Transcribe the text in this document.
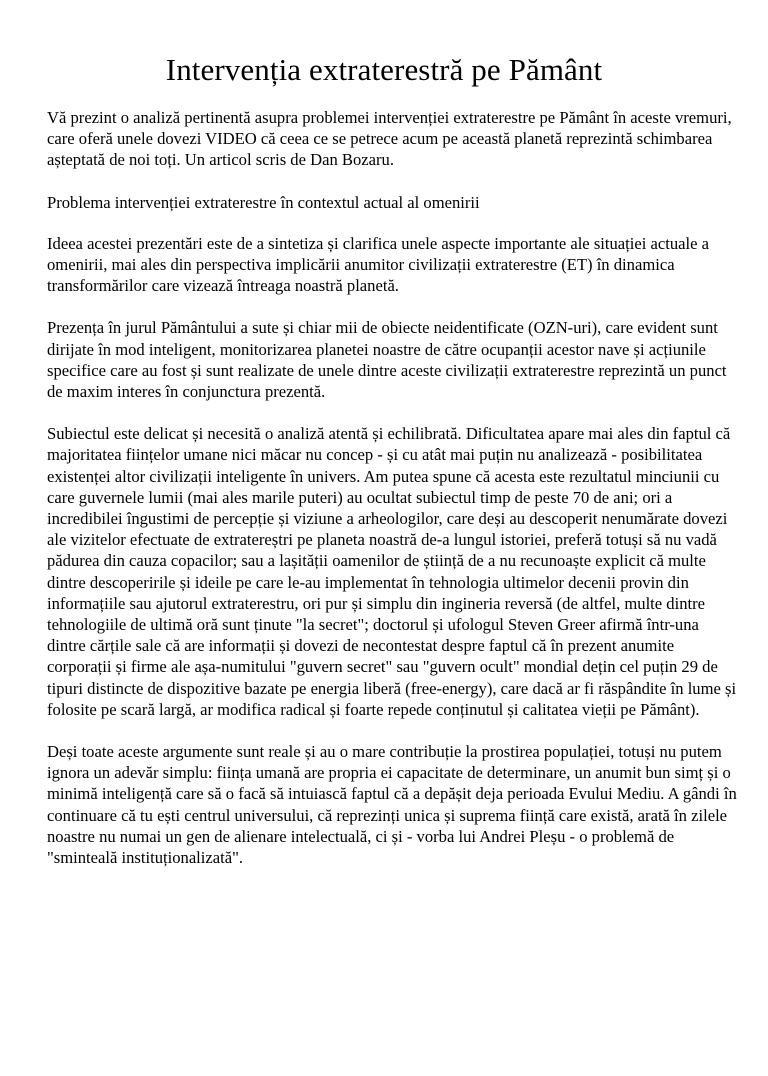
Intervenția extraterestră pe Pământ

Vă prezint o analiză pertinentă asupra problemei intervenției extraterestre pe Pământ în aceste vremuri, care oferă unele dovezi VIDEO că ceea ce se petrece acum pe această planetă reprezintă schimbarea așteptată de noi toți. Un articol scris de Dan Bozaru.

Problema intervenției extraterestre în contextul actual al omenirii

Ideea acestei prezentări este de a sintetiza și clarifica unele aspecte importante ale situației actuale a omenirii, mai ales din perspectiva implicării anumitor civilizații extraterestre (ET) în dinamica transformărilor care vizează întreaga noastră planetă.

Prezența în jurul Pământului a sute și chiar mii de obiecte neidentificate (OZN-uri), care evident sunt dirijate în mod inteligent, monitorizarea planetei noastre de către ocupanții acestor nave și acțiunile specifice care au fost și sunt realizate de unele dintre aceste civilizații extraterestre reprezintă un punct de maxim interes în conjunctura prezentă.

Subiectul este delicat și necesită o analiză atentă și echilibrată. Dificultatea apare mai ales din faptul că majoritatea ființelor umane nici măcar nu concep - și cu atât mai puțin nu analizează - posibilitatea existenței altor civilizații inteligente în univers. Am putea spune că acesta este rezultatul minciunii cu care guvernele lumii (mai ales marile puteri) au ocultat subiectul timp de peste 70 de ani; ori a incredibilei îngustimi de percepție și viziune a arheologilor, care deși au descoperit nenumărate dovezi ale vizitelor efectuate de extratereștri pe planeta noastră de-a lungul istoriei, preferă totuși să nu vadă pădurea din cauza copacilor; sau a lașității oamenilor de știință de a nu recunoaște explicit că multe dintre descoperirile și ideile pe care le-au implementat în tehnologia ultimelor decenii provin din informațiile sau ajutorul extraterestru, ori pur și simplu din ingineria reversă (de altfel, multe dintre tehnologiile de ultimă oră sunt ținute "la secret"; doctorul și ufologul Steven Greer afirmă într-una dintre cărțile sale că are informații și dovezi de necontestat despre faptul că în prezent anumite corporații și firme ale așa-numitului "guvern secret" sau "guvern ocult" mondial dețin cel puțin 29 de tipuri distincte de dispozitive bazate pe energia liberă (free-energy), care dacă ar fi răspândite în lume și folosite pe scară largă, ar modifica radical și foarte repede conținutul și calitatea vieții pe Pământ).

Deși toate aceste argumente sunt reale și au o mare contribuție la prostirea populației, totuși nu putem ignora un adevăr simplu: ființa umană are propria ei capacitate de determinare, un anumit bun simț și o minimă inteligență care să o facă să intuiască faptul că a depășit deja perioada Evului Mediu. A gândi în continuare că tu ești centrul universului, că reprezinți unica și suprema ființă care există, arată în zilele noastre nu numai un gen de alienare intelectuală, ci și - vorba lui Andrei Pleșu - o problemă de "sminteală instituționalizată".
